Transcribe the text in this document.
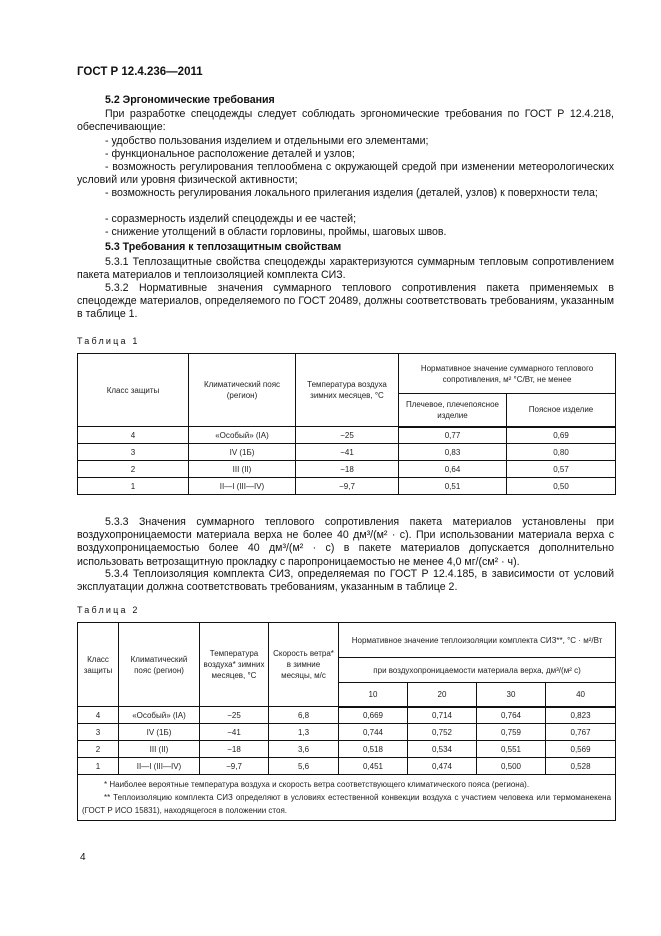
ГОСТ Р 12.4.236—2011
5.2 Эргономические требования
При разработке спецодежды следует соблюдать эргономические требования по ГОСТ Р 12.4.218, обеспечивающие:
- удобство пользования изделием и отдельными его элементами;
- функциональное расположение деталей и узлов;
- возможность регулирования теплообмена с окружающей средой при изменении метеорологических условий или уровня физической активности;
- возможность регулирования локального прилегания изделия (деталей, узлов) к поверхности тела;
- соразмерность изделий спецодежды и ее частей;
- снижение утолщений в области горловины, проймы, шаговых швов.
5.3 Требования к теплозащитным свойствам
5.3.1 Теплозащитные свойства спецодежды характеризуются суммарным тепловым сопротивлением пакета материалов и теплоизоляцией комплекта СИЗ.
5.3.2 Нормативные значения суммарного теплового сопротивления пакета применяемых в спецодежде материалов, определяемого по ГОСТ 20489, должны соответствовать требованиям, указанным в таблице 1.
Таблица 1
Класс защиты	Климатический пояс (регион)	Температура воздуха зимних месяцев, °С	Нормативное значение суммарного теплового сопротивления, м² °С/Вт, не менее	
			Плечевое, плечепоясное изделие	Поясное изделие
4	«Особый» (IA)	−25	0,77	0,69
3	IV (1Б)	−41	0,83	0,80
2	III (II)	−18	0,64	0,57
1	II—I (III—IV)	−9,7	0,51	0,50
5.3.3 Значения суммарного теплового сопротивления пакета материалов установлены при воздухопроницаемости материала верха не более 40 дм³/(м² · с). При использовании материала верха с воздухопроницаемостью более 40 дм³/(м² · с) в пакете материалов допускается дополнительно использовать ветрозащитную прокладку с паропроницаемостью не менее 4,0 мг/(см² · ч).
5.3.4 Теплоизоляция комплекта СИЗ, определяемая по ГОСТ Р 12.4.185, в зависимости от условий эксплуатации должна соответствовать требованиям, указанным в таблице 2.
Таблица 2
Класс защиты	Климатический пояс (регион)	Температура воздуха* зимних месяцев, °С	Скорость ветра* в зимние месяцы, м/с	Нормативное значение теплоизоляции комплекта СИЗ**, °С · м²/Вт			
				при воздухопроницаемости материала верха, дм³/(м² с)			
				10	20	30	40
4	«Особый» (IA)	−25	6,8	0,669	0,714	0,764	0,823
3	IV (1Б)	−41	1,3	0,744	0,752	0,759	0,767
2	III (II)	−18	3,6	0,518	0,534	0,551	0,569
1	II—I (III—IV)	−9,7	5,6	0,451	0,474	0,500	0,528

* Наиболее вероятные температура воздуха и скорость ветра соответствующего климатического пояса (региона).

** Теплоизоляцию комплекта СИЗ определяют в условиях естественной конвекции воздуха с участием человека или термоманекена (ГОСТ Р ИСО 15831), находящегося в положении стоя.							

4
